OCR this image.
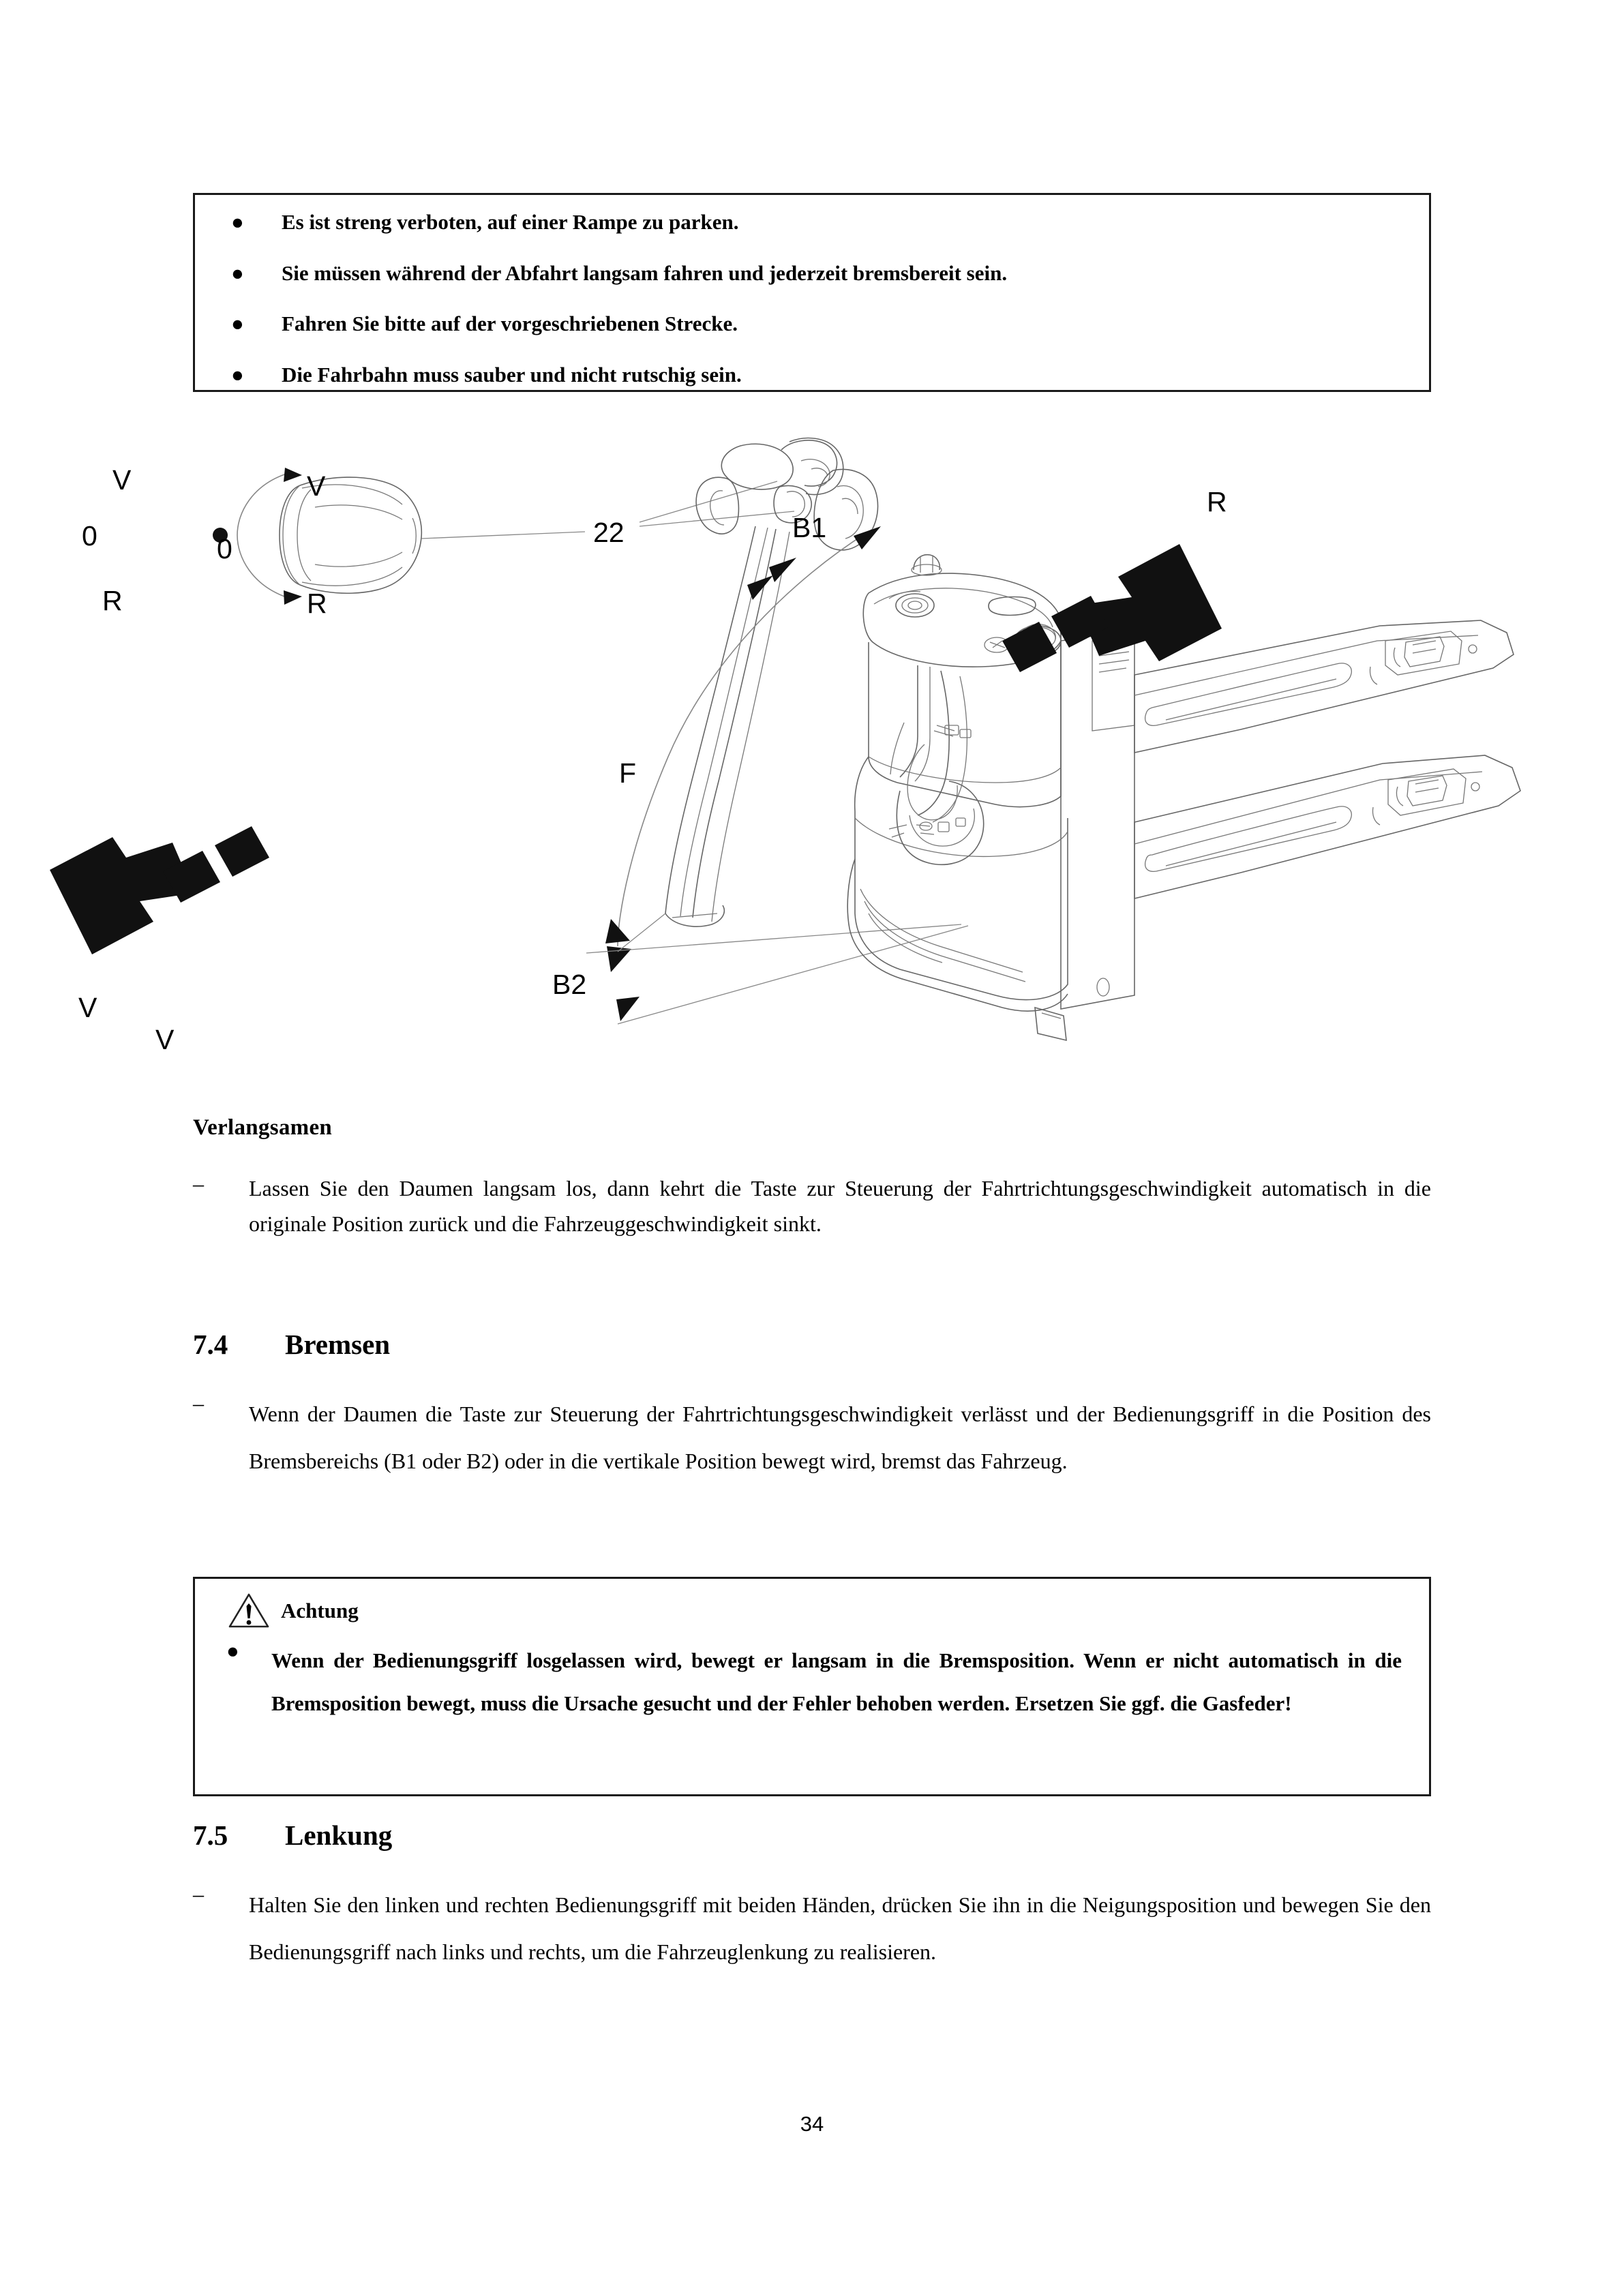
●	Es ist streng verboten, auf einer Rampe zu parken.
●	Sie müssen während der Abfahrt langsam fahren und jederzeit bremsbereit sein.
●	Fahren Sie bitte auf der vorgeschriebenen Strecke.
●	Die Fahrbahn muss sauber und nicht rutschig sein.
V
R
0	22	B1
F
B2
R
V
0
V
R
V
Verlangsamen
–	Lassen Sie den Daumen langsam los, dann kehrt die Taste zur Steuerung der Fahrtrichtungsgeschwindigkeit automatisch in die originale Position zurück und die Fahrzeuggeschwindigkeit sinkt.
7.4 Bremsen
–	Wenn der Daumen die Taste zur Steuerung der Fahrtrichtungsgeschwindigkeit verlässt und der Bedienungsgriff in die Position des Bremsbereichs (B1 oder B2) oder in die vertikale Position bewegt wird, bremst das Fahrzeug.
Achtung
●	Wenn der Bedienungsgriff losgelassen wird, bewegt er langsam in die Bremsposition. Wenn er nicht automatisch in die Bremsposition bewegt, muss die Ursache gesucht und der Fehler behoben werden. Ersetzen Sie ggf. die Gasfeder!
7.5 Lenkung
–	Halten Sie den linken und rechten Bedienungsgriff mit beiden Händen, drücken Sie ihn in die Neigungsposition und bewegen Sie den Bedienungsgriff nach links und rechts, um die Fahrzeuglenkung zu realisieren.
34
